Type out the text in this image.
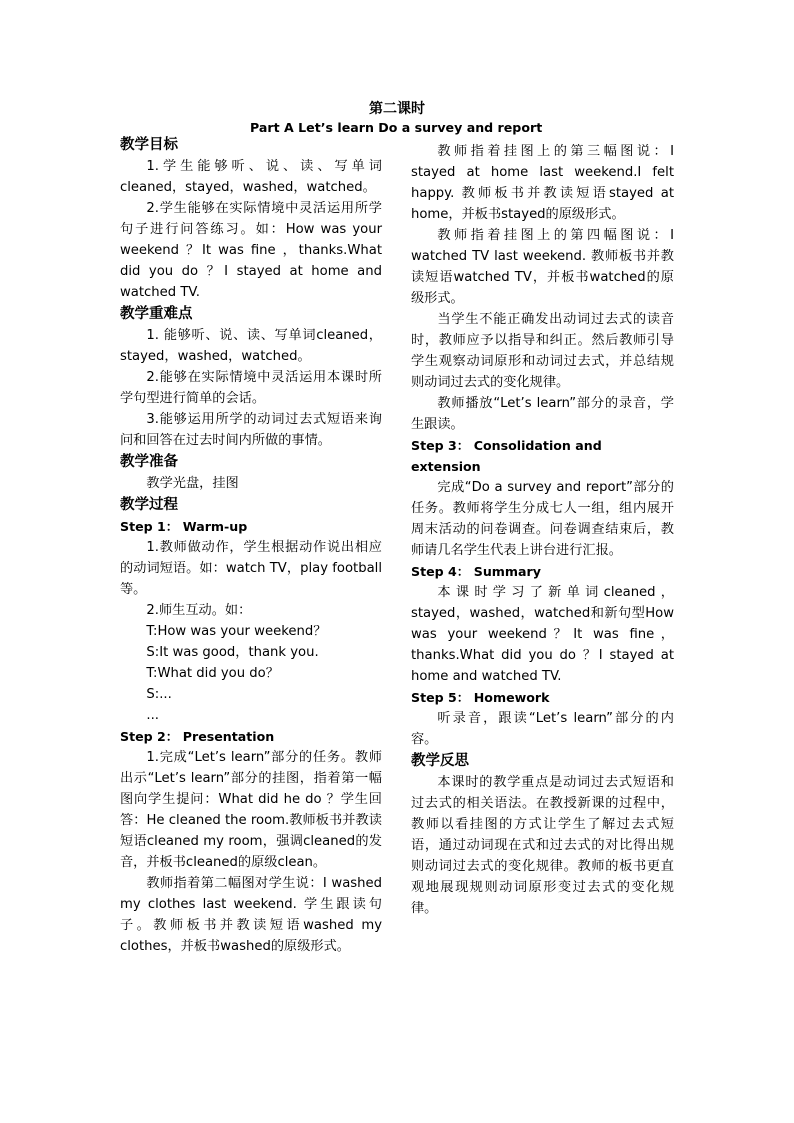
第二课时
Part A Let’s learn Do a survey and report

教学目标

1.学生能够听、说、读、写单词cleaned，stayed，washed，watched。

2.学生能够在实际情境中灵活运用所学句子进行问答练习。如：How was your weekend ？It was fine ，thanks.What did you do ？I stayed at home and watched TV.

教学重难点

1. 能够听、说、读、写单词cleaned，stayed，washed，watched。

2.能够在实际情境中灵活运用本课时所学句型进行简单的会话。

3.能够运用所学的动词过去式短语来询问和回答在过去时间内所做的事情。

教学准备

教学光盘，挂图

教学过程

Step 1： Warm-up

1.教师做动作，学生根据动作说出相应的动词短语。如：watch TV，play football等。

2.师生互动。如：

T:How was your weekend？

S:It was good，thank you.

T:What did you do？

S:...

...

Step 2： Presentation

1.完成“Let’s learn”部分的任务。教师出示“Let’s learn”部分的挂图，指着第一幅图向学生提问：What did he do ？学生回答：He cleaned the room.教师板书并教读短语cleaned my room，强调cleaned的发音，并板书cleaned的原级clean。

教师指着第二幅图对学生说：I washed my clothes last weekend. 学生跟读句子。教师板书并教读短语washed my clothes，并板书washed的原级形式。

教师指着挂图上的第三幅图说：I stayed at home last weekend.I felt happy. 教师板书并教读短语stayed at home，并板书stayed的原级形式。

教师指着挂图上的第四幅图说：I watched TV last weekend. 教师板书并教读短语watched TV，并板书watched的原级形式。

当学生不能正确发出动词过去式的读音时，教师应予以指导和纠正。然后教师引导学生观察动词原形和动词过去式，并总结规则动词过去式的变化规律。

教师播放“Let’s learn”部分的录音，学生跟读。

Step 3： Consolidation and extension

完成“Do a survey and report”部分的任务。教师将学生分成七人一组，组内展开周末活动的问卷调查。问卷调查结束后，教师请几名学生代表上讲台进行汇报。

Step 4： Summary

本课时学习了新单词cleaned，stayed，washed，watched和新句型How was your weekend？It was fine，thanks.What did you do ？I stayed at home and watched TV.

Step 5： Homework

听录音，跟读“Let’s learn”部分的内容。

教学反思

本课时的教学重点是动词过去式短语和过去式的相关语法。在教授新课的过程中，教师以看挂图的方式让学生了解过去式短语，通过动词现在式和过去式的对比得出规则动词过去式的变化规律。教师的板书更直观地展现规则动词原形变过去式的变化规律。
